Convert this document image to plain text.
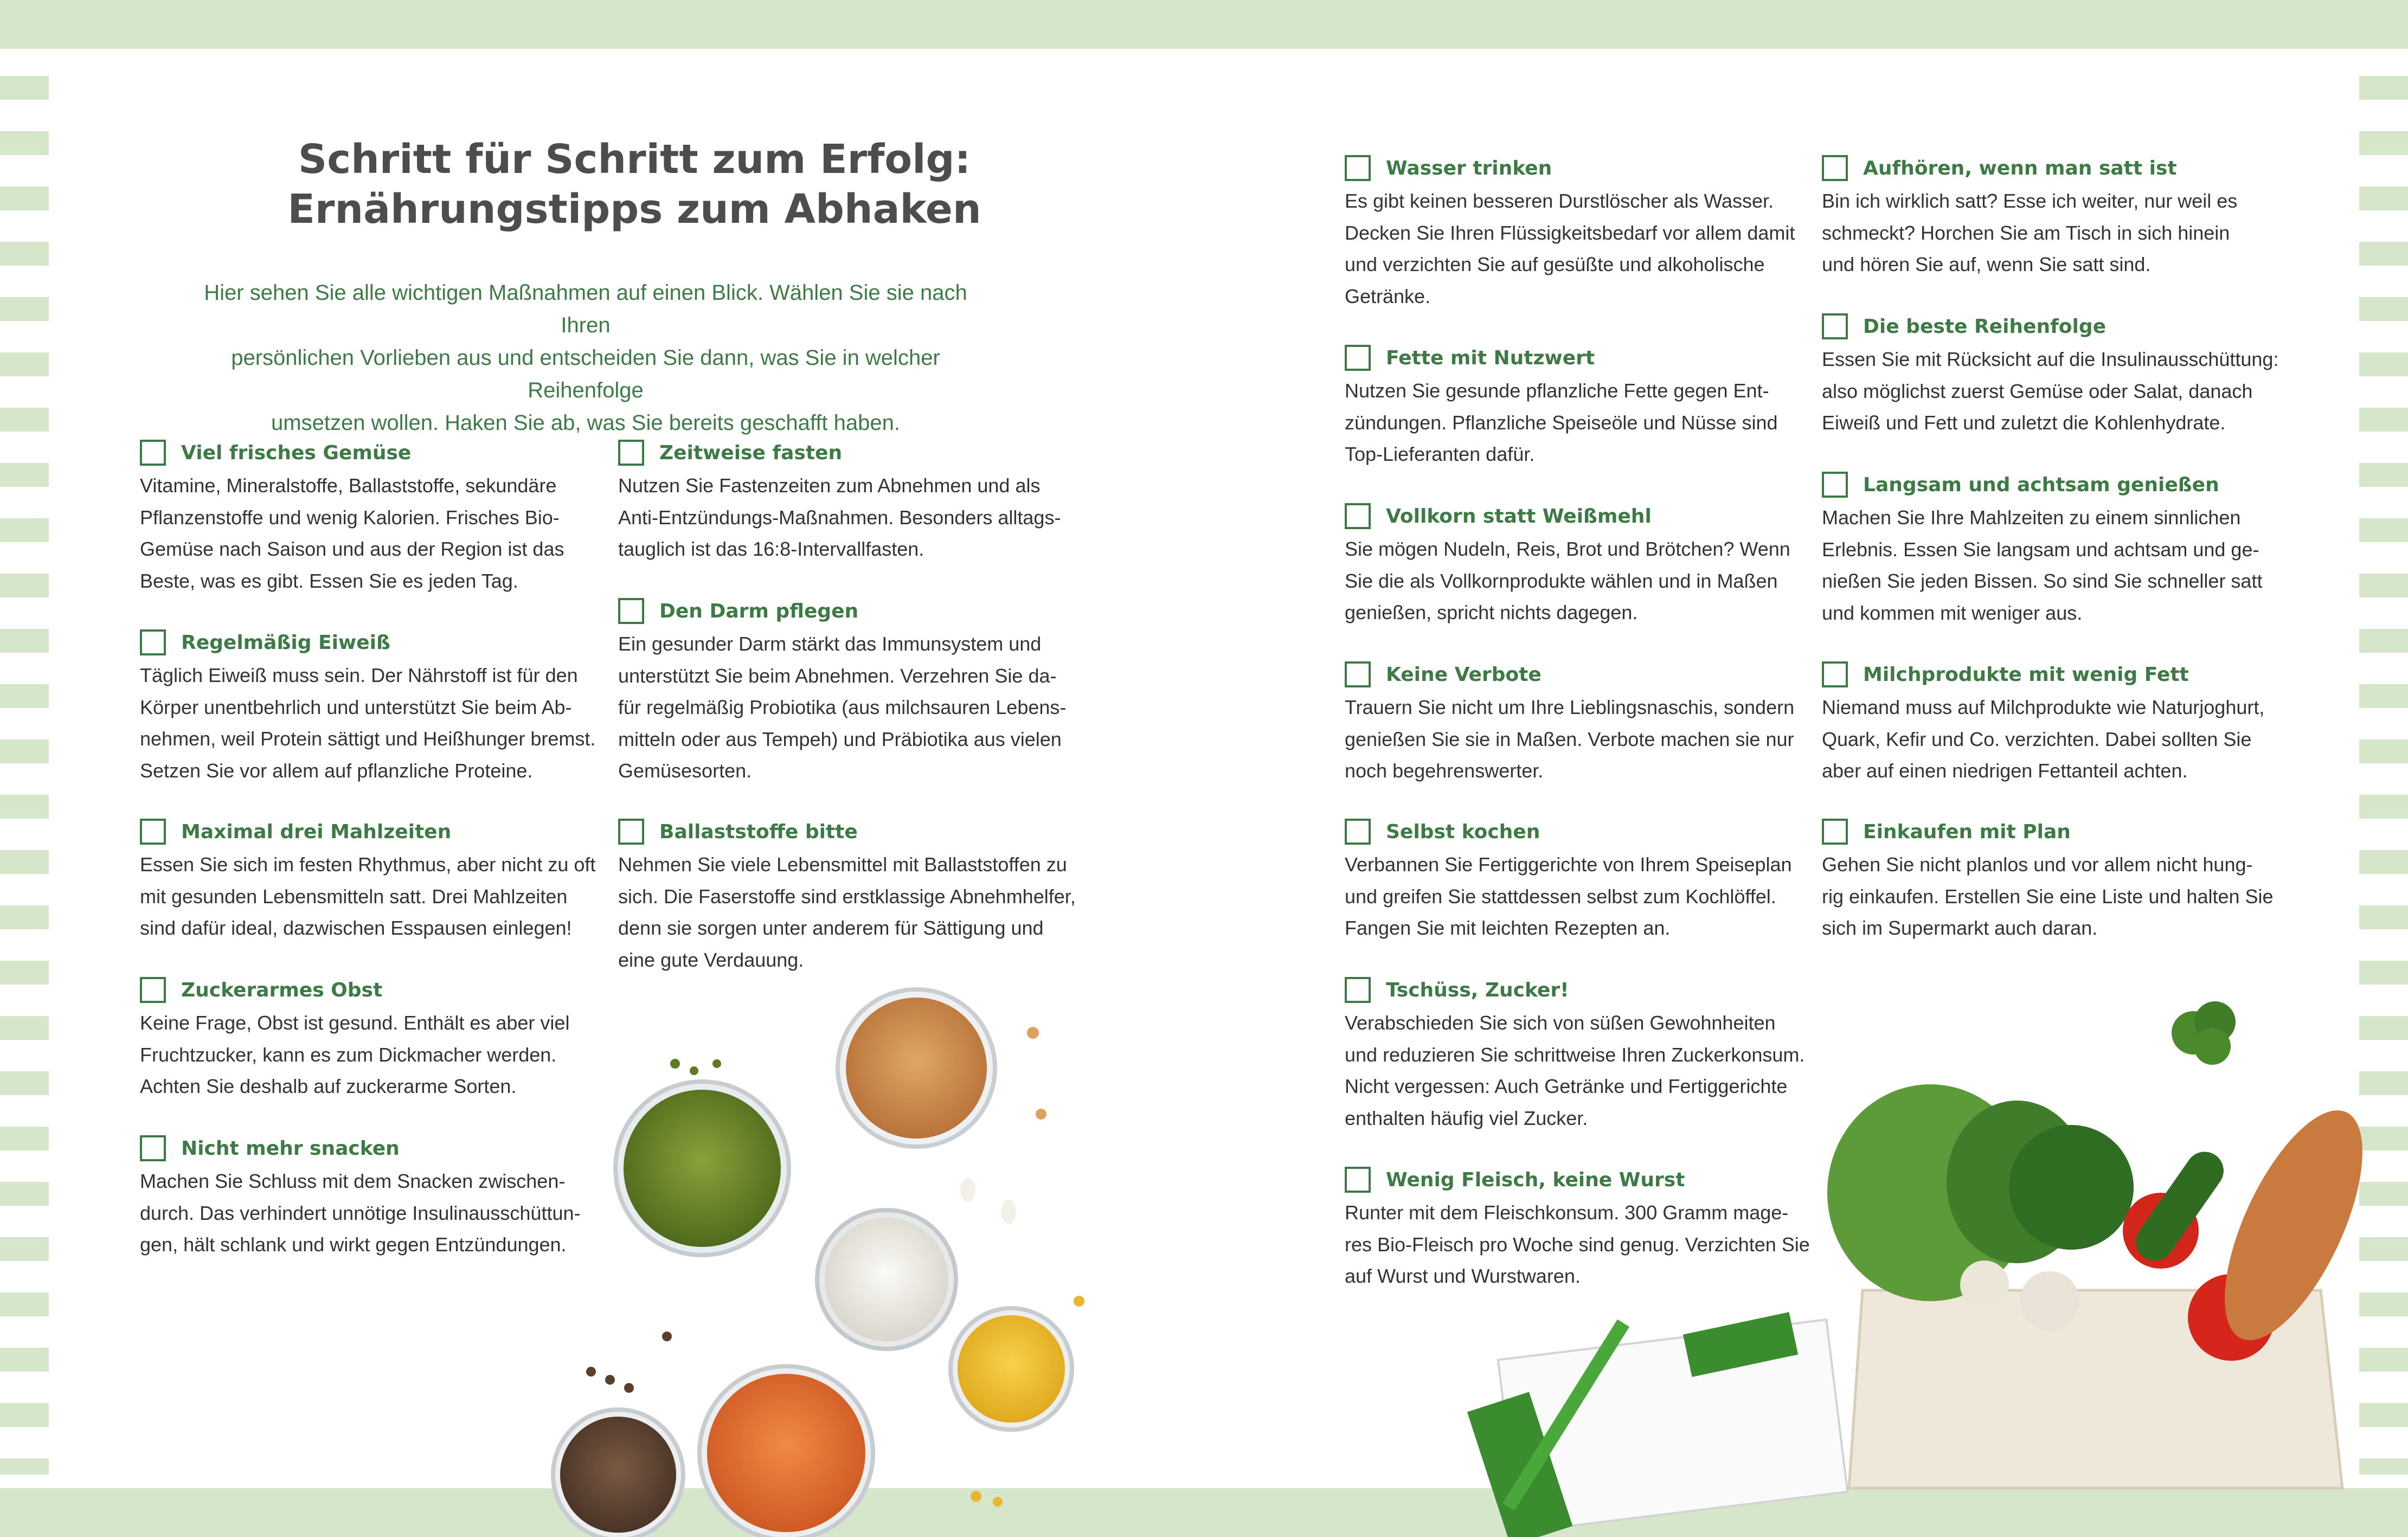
Schritt für Schritt zum Erfolg:
Ernährungstipps zum Abhaken

Hier sehen Sie alle wichtigen Maßnahmen auf einen Blick. Wählen Sie sie nach Ihren
persönlichen Vorlieben aus und entscheiden Sie dann, was Sie in welcher Reihenfolge
umsetzen wollen. Haken Sie ab, was Sie bereits geschafft haben.

Viel frisches Gemüse
Vitamine, Mineralstoffe, Ballaststoffe, sekundäre
Pflanzenstoffe und wenig Kalorien. Frisches Bio-
Gemüse nach Saison und aus der Region ist das
Beste, was es gibt. Essen Sie es jeden Tag.
Regelmäßig Eiweiß
Täglich Eiweiß muss sein. Der Nährstoff ist für den
Körper unentbehrlich und unterstützt Sie beim Ab-
nehmen, weil Protein sättigt und Heißhunger bremst.
Setzen Sie vor allem auf pflanzliche Proteine.
Maximal drei Mahlzeiten
Essen Sie sich im festen Rhythmus, aber nicht zu oft
mit gesunden Lebensmitteln satt. Drei Mahlzeiten
sind dafür ideal, dazwischen Esspausen einlegen!
Zuckerarmes Obst
Keine Frage, Obst ist gesund. Enthält es aber viel
Fruchtzucker, kann es zum Dickmacher werden.
Achten Sie deshalb auf zuckerarme Sorten.
Nicht mehr snacken
Machen Sie Schluss mit dem Snacken zwischen-
durch. Das verhindert unnötige Insulinausschüttun-
gen, hält schlank und wirkt gegen Entzündungen.
Zeitweise fasten
Nutzen Sie Fastenzeiten zum Abnehmen und als
Anti-Entzündungs-Maßnahmen. Besonders alltags-
tauglich ist das 16:8-Intervallfasten.
Den Darm pflegen
Ein gesunder Darm stärkt das Immunsystem und
unterstützt Sie beim Abnehmen. Verzehren Sie da-
für regelmäßig Probiotika (aus milchsauren Lebens-
mitteln oder aus Tempeh) und Präbiotika aus vielen
Gemüsesorten.
Ballaststoffe bitte
Nehmen Sie viele Lebensmittel mit Ballaststoffen zu
sich. Die Faserstoffe sind erstklassige Abnehmhelfer,
denn sie sorgen unter anderem für Sättigung und
eine gute Verdauung.
Wasser trinken
Es gibt keinen besseren Durstlöscher als Wasser.
Decken Sie Ihren Flüssigkeitsbedarf vor allem damit
und verzichten Sie auf gesüßte und alkoholische
Getränke.
Fette mit Nutzwert
Nutzen Sie gesunde pflanzliche Fette gegen Ent-
zündungen. Pflanzliche Speiseöle und Nüsse sind
Top-Lieferanten dafür.
Vollkorn statt Weißmehl
Sie mögen Nudeln, Reis, Brot und Brötchen? Wenn
Sie die als Vollkornprodukte wählen und in Maßen
genießen, spricht nichts dagegen.
Keine Verbote
Trauern Sie nicht um Ihre Lieblingsnaschis, sondern
genießen Sie sie in Maßen. Verbote machen sie nur
noch begehrenswerter.
Selbst kochen
Verbannen Sie Fertiggerichte von Ihrem Speiseplan
und greifen Sie stattdessen selbst zum Kochlöffel.
Fangen Sie mit leichten Rezepten an.
Tschüss, Zucker!
Verabschieden Sie sich von süßen Gewohnheiten
und reduzieren Sie schrittweise Ihren Zuckerkonsum.
Nicht vergessen: Auch Getränke und Fertiggerichte
enthalten häufig viel Zucker.
Wenig Fleisch, keine Wurst
Runter mit dem Fleischkonsum. 300 Gramm mage-
res Bio-Fleisch pro Woche sind genug. Verzichten Sie
auf Wurst und Wurstwaren.
Aufhören, wenn man satt ist
Bin ich wirklich satt? Esse ich weiter, nur weil es
schmeckt? Horchen Sie am Tisch in sich hinein
und hören Sie auf, wenn Sie satt sind.
Die beste Reihenfolge
Essen Sie mit Rücksicht auf die Insulinausschüttung:
also möglichst zuerst Gemüse oder Salat, danach
Eiweiß und Fett und zuletzt die Kohlenhydrate.
Langsam und achtsam genießen
Machen Sie Ihre Mahlzeiten zu einem sinnlichen
Erlebnis. Essen Sie langsam und achtsam und ge-
nießen Sie jeden Bissen. So sind Sie schneller satt
und kommen mit weniger aus.
Milchprodukte mit wenig Fett
Niemand muss auf Milchprodukte wie Naturjoghurt,
Quark, Kefir und Co. verzichten. Dabei sollten Sie
aber auf einen niedrigen Fettanteil achten.
Einkaufen mit Plan
Gehen Sie nicht planlos und vor allem nicht hung-
rig einkaufen. Erstellen Sie eine Liste und halten Sie
sich im Supermarkt auch daran.
